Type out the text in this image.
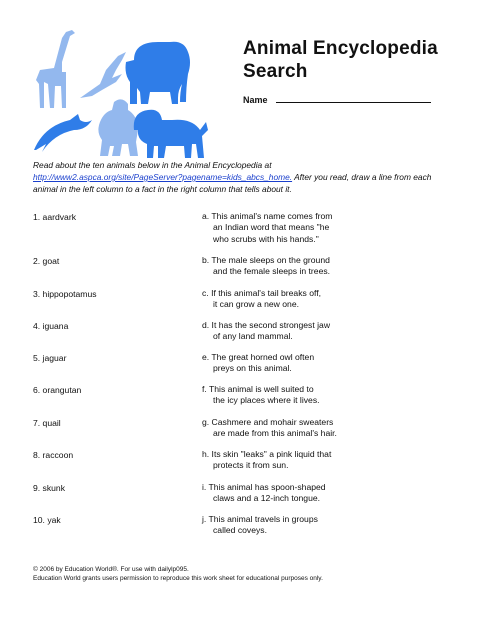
Animal Encyclopedia
Search
Name
Read about the ten animals below in the Animal Encyclopedia at
http://www2.aspca.org/site/PageServer?pagename=kids_abcs_home. After you read, draw a line from each animal in the left column to a fact in the right column that tells about it.
1. aardvark
2. goat
3. hippopotamus
4. iguana
5. jaguar
6. orangutan
7. quail
8. raccoon
9. skunk
10. yak
a. This animal's name comes from
an Indian word that means "he
who scrubs with his hands."
b. The male sleeps on the ground
and the female sleeps in trees.
c. If this animal's tail breaks off,
it can grow a new one.
d. It has the second strongest jaw
of any land mammal.
e. The great horned owl often
preys on this animal.
f. This animal is well suited to
the icy places where it lives.
g. Cashmere and mohair sweaters
are made from this animal's hair.
h. Its skin "leaks" a pink liquid that
protects it from sun.
i. This animal has spoon-shaped
claws and a 12-inch tongue.
j. This animal travels in groups
called coveys.
© 2006 by Education World®. For use with dailylp095.
Education World grants users permission to reproduce this work sheet for educational purposes only.
